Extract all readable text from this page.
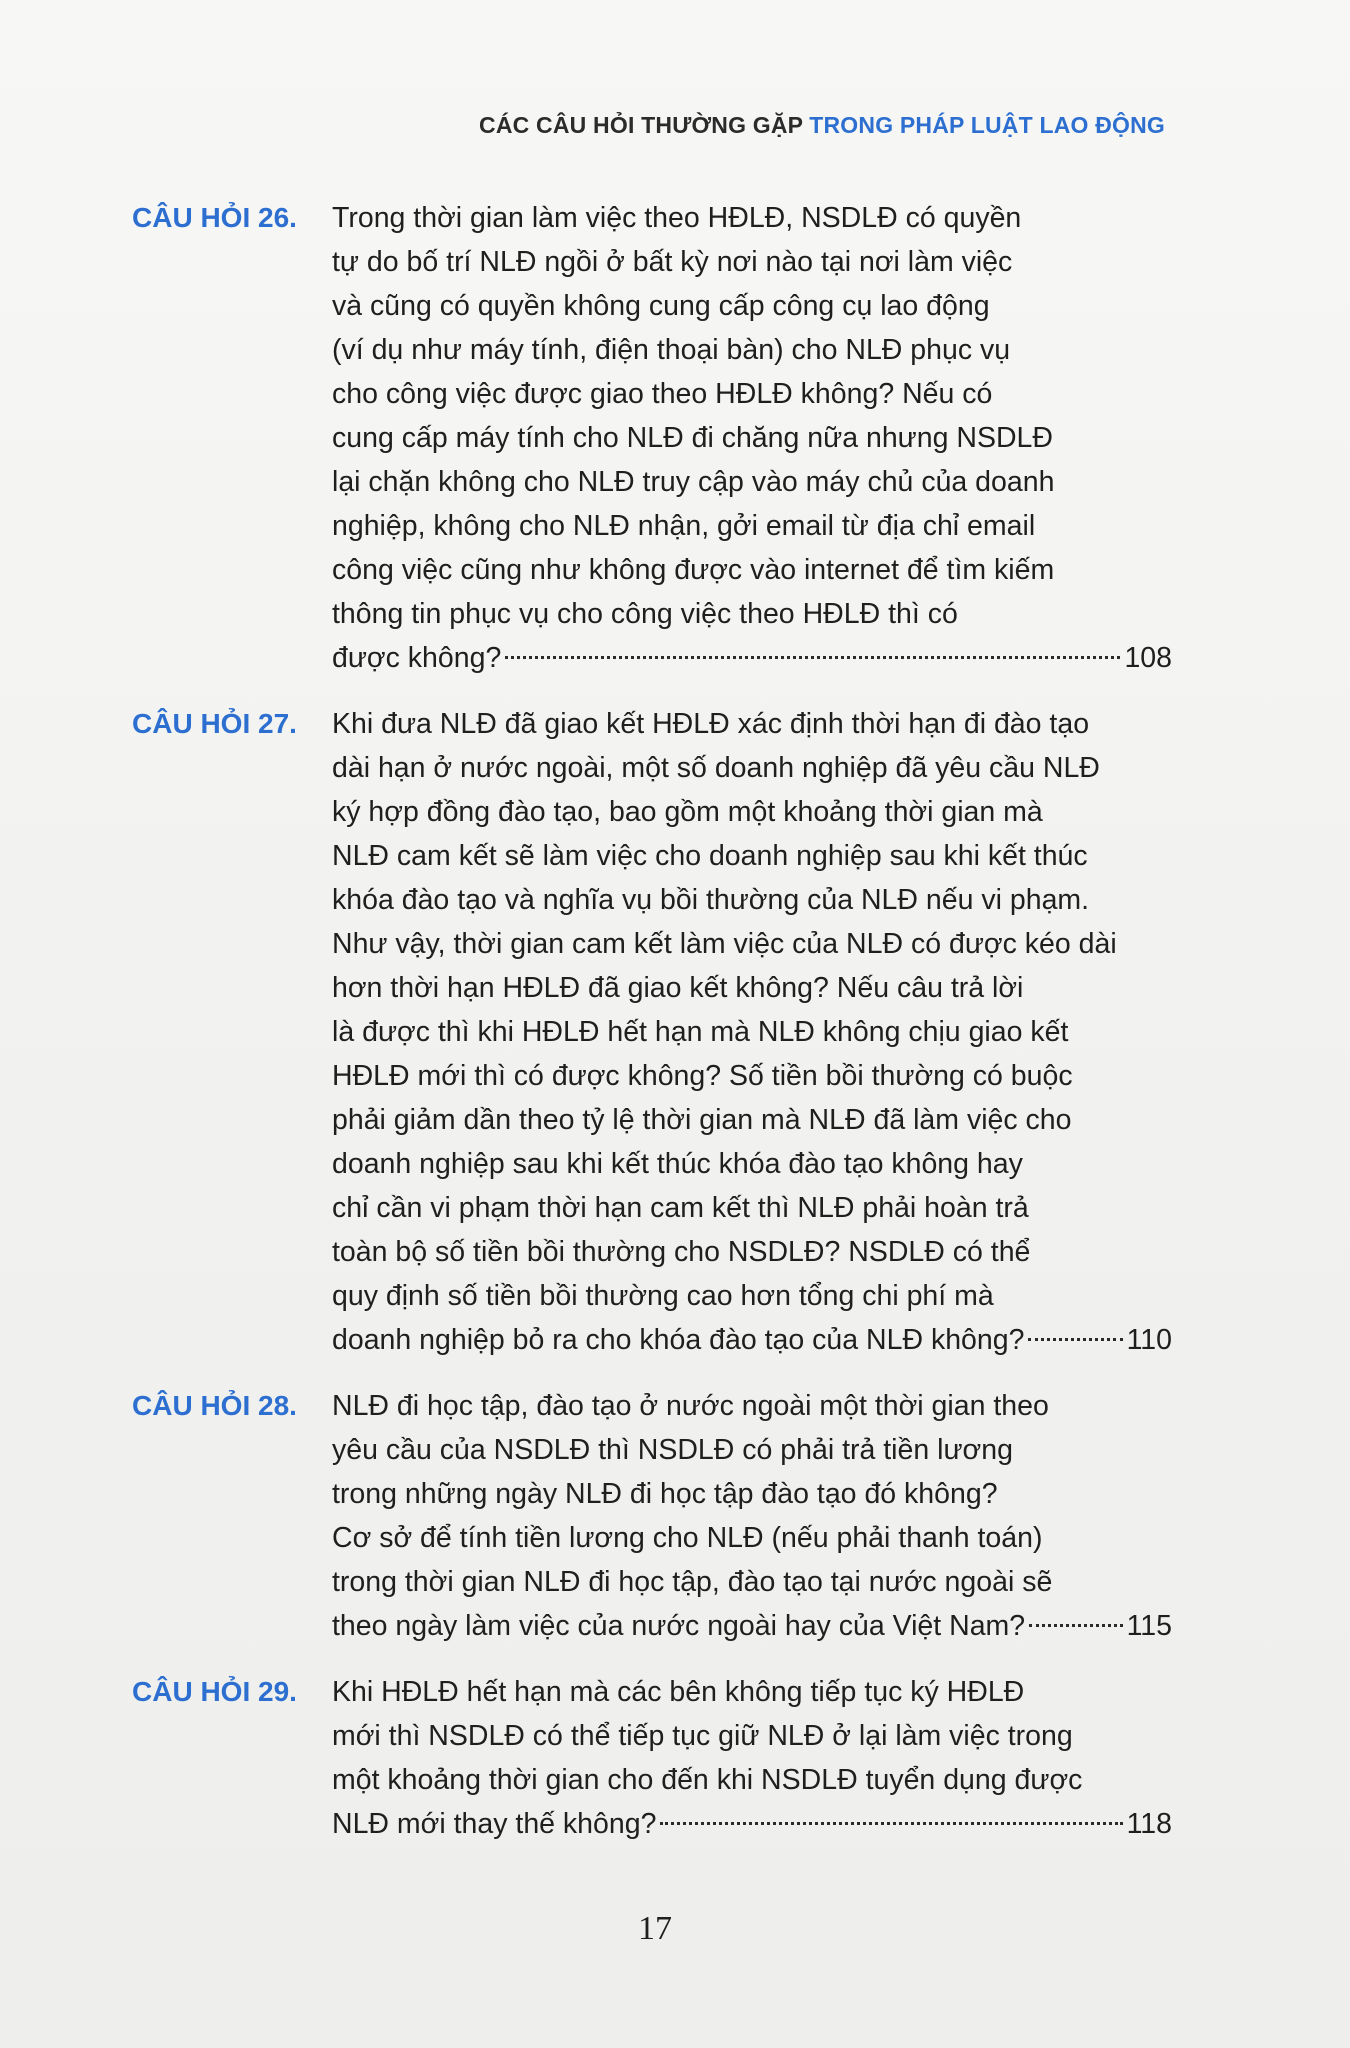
CÁC CÂU HỎI THƯỜNG GẶP TRONG PHÁP LUẬT LAO ĐỘNG
CÂU HỎI 26.	Trong thời gian làm việc theo HĐLĐ, NSDLĐ có quyền
tự do bố trí NLĐ ngồi ở bất kỳ nơi nào tại nơi làm việc
và cũng có quyền không cung cấp công cụ lao động
(ví dụ như máy tính, điện thoại bàn) cho NLĐ phục vụ
cho công việc được giao theo HĐLĐ không? Nếu có
cung cấp máy tính cho NLĐ đi chăng nữa nhưng NSDLĐ
lại chặn không cho NLĐ truy cập vào máy chủ của doanh
nghiệp, không cho NLĐ nhận, gởi email từ địa chỉ email
công việc cũng như không được vào internet để tìm kiếm
thông tin phục vụ cho công việc theo HĐLĐ thì có
được không?	108
CÂU HỎI 27.	Khi đưa NLĐ đã giao kết HĐLĐ xác định thời hạn đi đào tạo
dài hạn ở nước ngoài, một số doanh nghiệp đã yêu cầu NLĐ
ký hợp đồng đào tạo, bao gồm một khoảng thời gian mà
NLĐ cam kết sẽ làm việc cho doanh nghiệp sau khi kết thúc
khóa đào tạo và nghĩa vụ bồi thường của NLĐ nếu vi phạm.
Như vậy, thời gian cam kết làm việc của NLĐ có được kéo dài
hơn thời hạn HĐLĐ đã giao kết không? Nếu câu trả lời
là được thì khi HĐLĐ hết hạn mà NLĐ không chịu giao kết
HĐLĐ mới thì có được không? Số tiền bồi thường có buộc
phải giảm dần theo tỷ lệ thời gian mà NLĐ đã làm việc cho
doanh nghiệp sau khi kết thúc khóa đào tạo không hay
chỉ cần vi phạm thời hạn cam kết thì NLĐ phải hoàn trả
toàn bộ số tiền bồi thường cho NSDLĐ? NSDLĐ có thể
quy định số tiền bồi thường cao hơn tổng chi phí mà
doanh nghiệp bỏ ra cho khóa đào tạo của NLĐ không?	110
CÂU HỎI 28.	NLĐ đi học tập, đào tạo ở nước ngoài một thời gian theo
yêu cầu của NSDLĐ thì NSDLĐ có phải trả tiền lương
trong những ngày NLĐ đi học tập đào tạo đó không?
Cơ sở để tính tiền lương cho NLĐ (nếu phải thanh toán)
trong thời gian NLĐ đi học tập, đào tạo tại nước ngoài sẽ
theo ngày làm việc của nước ngoài hay của Việt Nam?	115
CÂU HỎI 29.	Khi HĐLĐ hết hạn mà các bên không tiếp tục ký HĐLĐ
mới thì NSDLĐ có thể tiếp tục giữ NLĐ ở lại làm việc trong
một khoảng thời gian cho đến khi NSDLĐ tuyển dụng được
NLĐ mới thay thế không?	118
17
